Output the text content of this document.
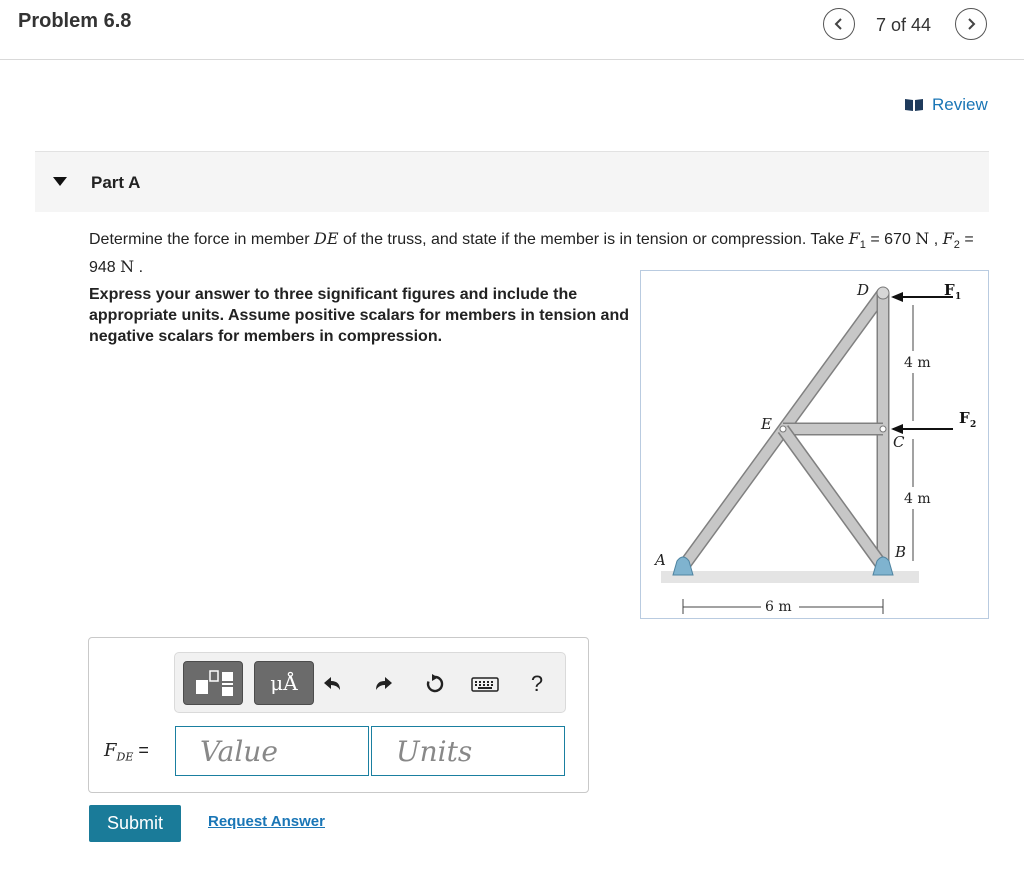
Problem 6.8	7 of 44
Review
Part A
Determine the force in member DE of the truss, and state if the member is in tension or compression. Take $F_1 = 670$ N , $F_2 = 948$ N .
Express your answer to three significant figures and include the appropriate units. Assume positive scalars for members in tension and negative scalars for members in compression.
D
E
C
B
A
F 1
F 2
4 m
4 m
6 m
μÅ	?
$F_{DE}$ =	Value	Units
Submit	Request Answer
